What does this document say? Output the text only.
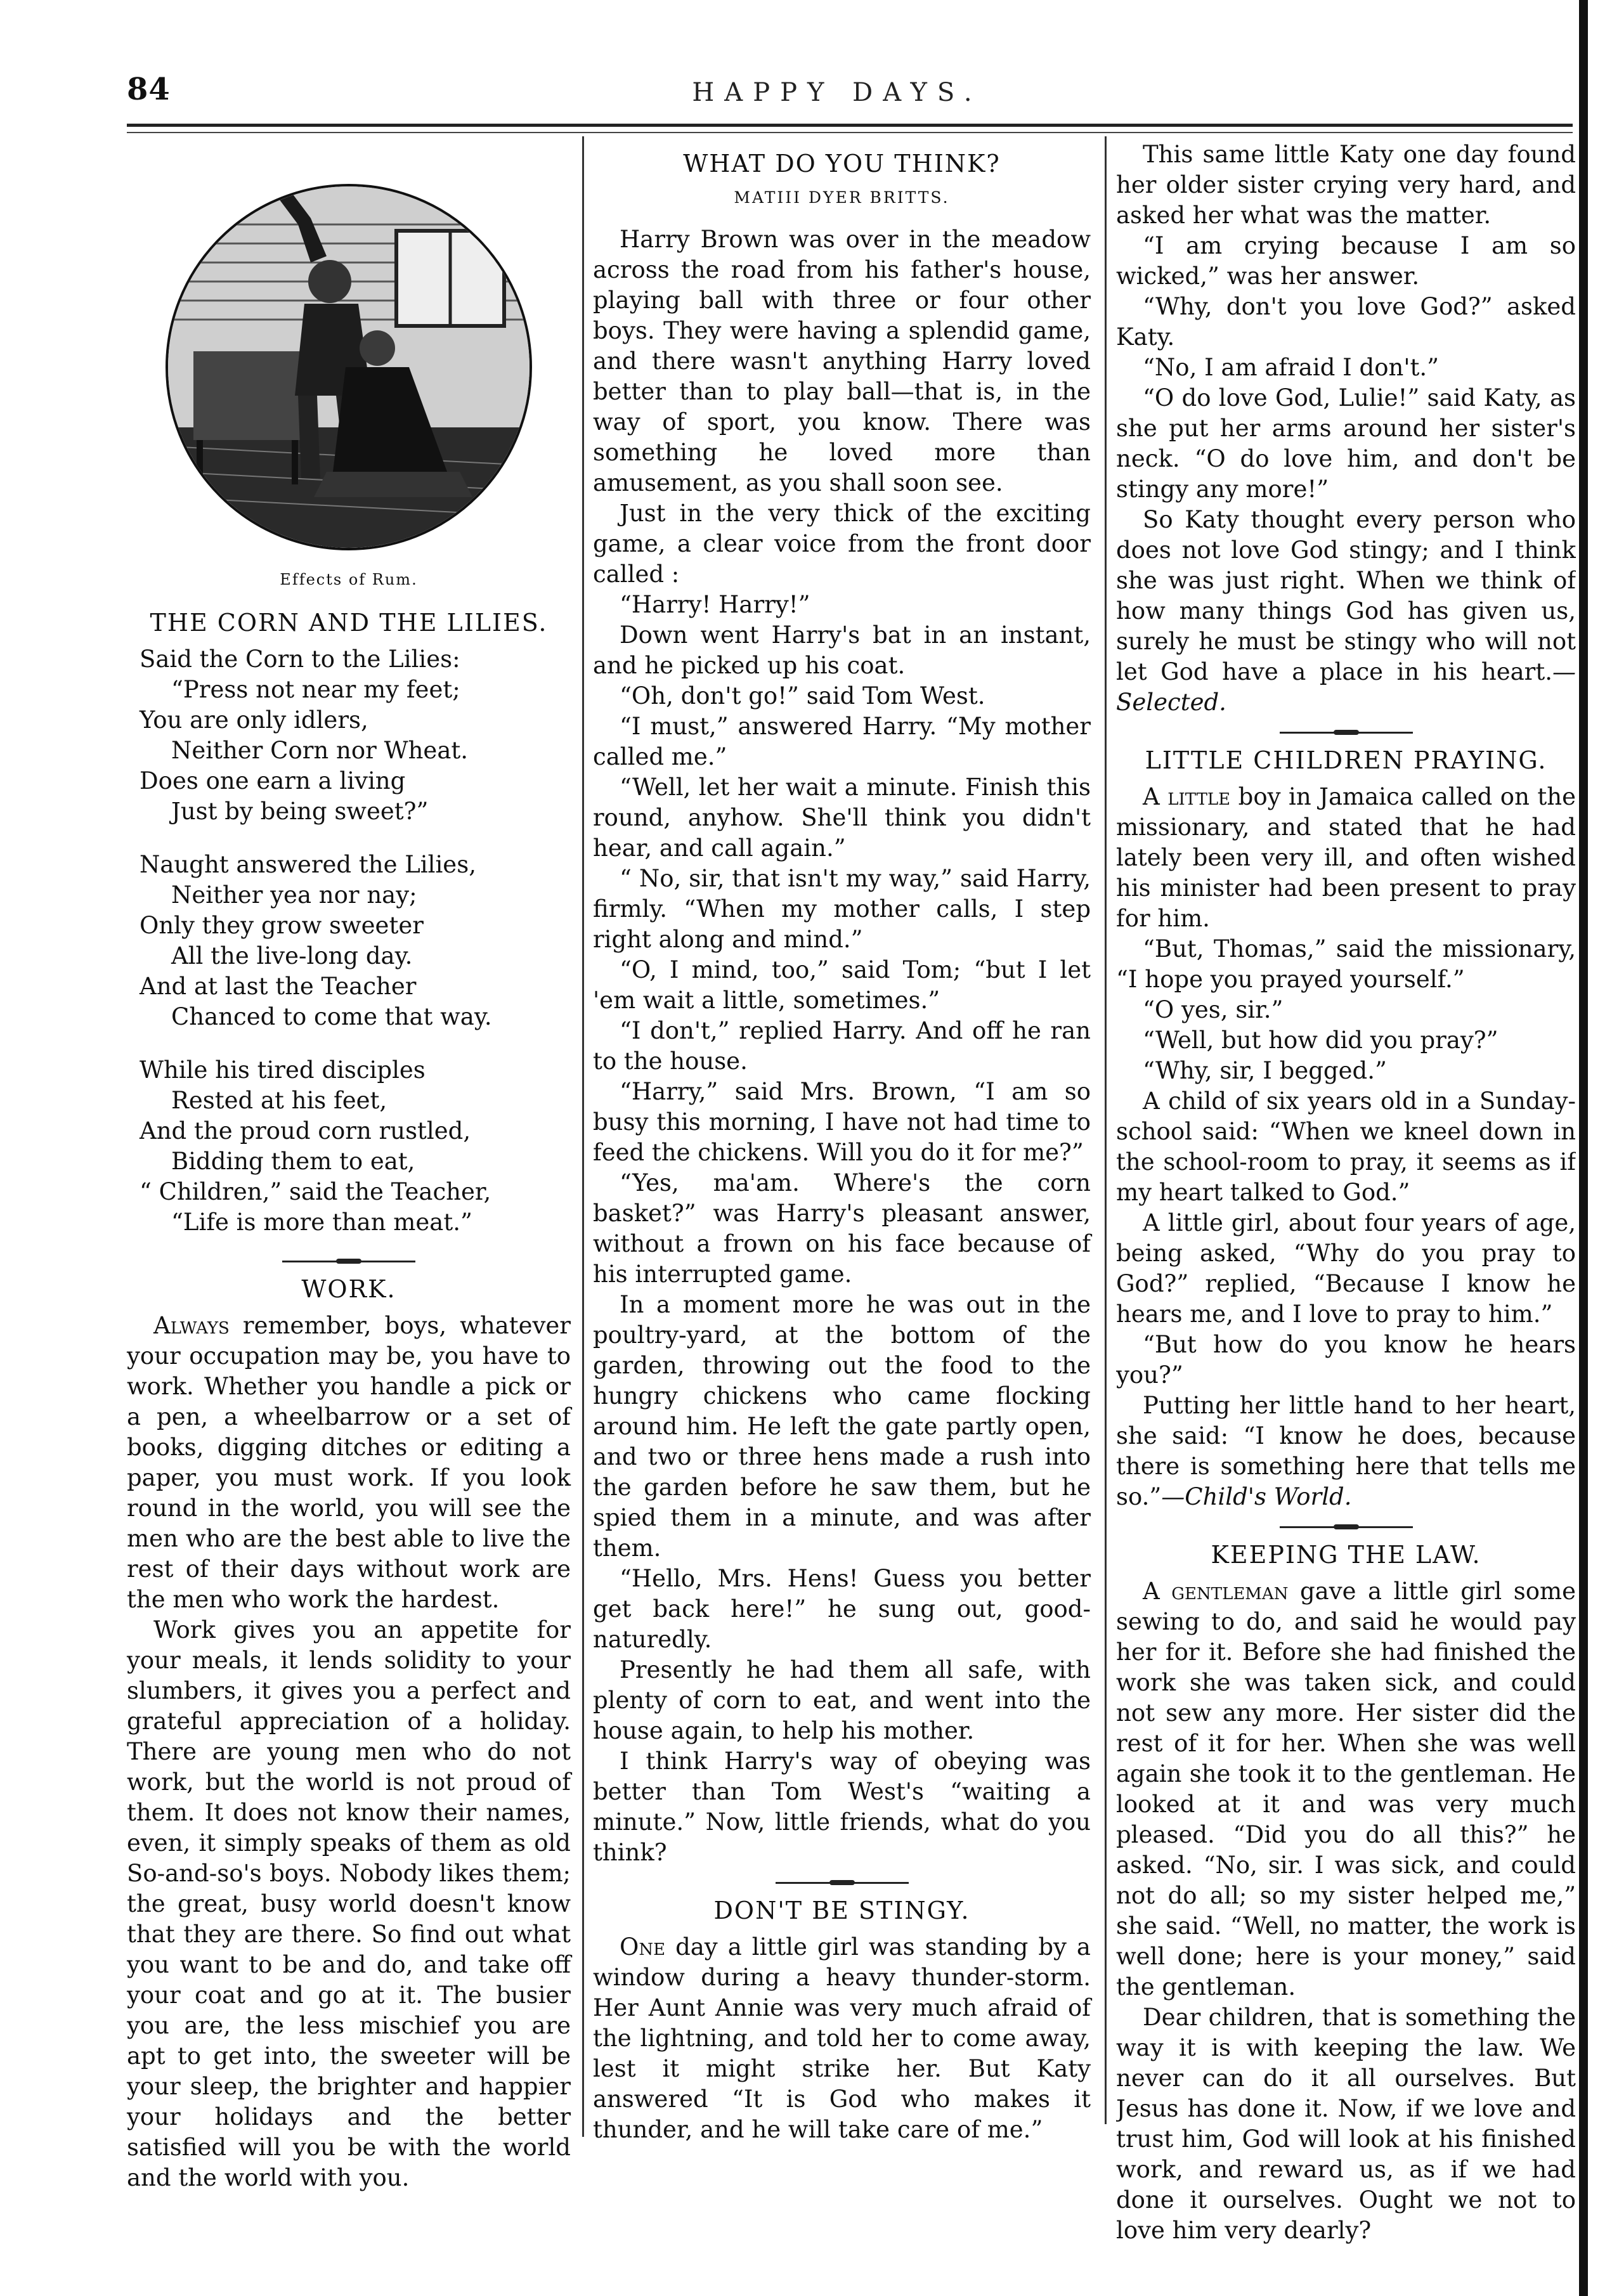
84	HAPPY DAYS.
Effects of Rum.
THE CORN AND THE LILIES.
Said the Corn to the Lilies:
“Press not near my feet;
You are only idlers,
Neither Corn nor Wheat.
Does one earn a living
Just by being sweet?”
Naught answered the Lilies,
Neither yea nor nay;
Only they grow sweeter
All the live-long day.
And at last the Teacher
Chanced to come that way.
While his tired disciples
Rested at his feet,
And the proud corn rustled,
Bidding them to eat,
“ Children,” said the Teacher,
“Life is more than meat.”
WORK.

Always remember, boys, whatever your occupation may be, you have to work. Whether you handle a pick or a pen, a wheelbarrow or a set of books, digging ditches or editing a paper, you must work. If you look round in the world, you will see the men who are the best able to live the rest of their days without work are the men who work the hardest.

Work gives you an appetite for your meals, it lends solidity to your slumbers, it gives you a perfect and grateful appreciation of a holiday. There are young men who do not work, but the world is not proud of them. It does not know their names, even, it simply speaks of them as old So-and-so's boys. Nobody likes them; the great, busy world doesn't know that they are there. So find out what you want to be and do, and take off your coat and go at it. The busier you are, the less mischief you are apt to get into, the sweeter will be your sleep, the brighter and happier your holidays and the better satisfied will you be with the world and the world with you.

WHAT DO YOU THINK?
MATIII DYER BRITTS.

Harry Brown was over in the meadow across the road from his father's house, playing ball with three or four other boys. They were having a splendid game, and there wasn't anything Harry loved better than to play ball—that is, in the way of sport, you know. There was something he loved more than amusement, as you shall soon see.

Just in the very thick of the exciting game, a clear voice from the front door called :

“Harry! Harry!”

Down went Harry's bat in an instant, and he picked up his coat.

“Oh, don't go!” said Tom West.

“I must,” answered Harry. “My mother called me.”

“Well, let her wait a minute. Finish this round, anyhow. She'll think you didn't hear, and call again.”

“ No, sir, that isn't my way,” said Harry, firmly. “When my mother calls, I step right along and mind.”

“O, I mind, too,” said Tom; “but I let 'em wait a little, sometimes.”

“I don't,” replied Harry. And off he ran to the house.

“Harry,” said Mrs. Brown, “I am so busy this morning, I have not had time to feed the chickens. Will you do it for me?”

“Yes, ma'am. Where's the corn basket?” was Harry's pleasant answer, without a frown on his face because of his interrupted game.

In a moment more he was out in the poultry-yard, at the bottom of the garden, throwing out the food to the hungry chickens who came flocking around him. He left the gate partly open, and two or three hens made a rush into the garden before he saw them, but he spied them in a minute, and was after them.

“Hello, Mrs. Hens! Guess you better get back here!” he sung out, good-naturedly.

Presently he had them all safe, with plenty of corn to eat, and went into the house again, to help his mother.

I think Harry's way of obeying was better than Tom West's “waiting a minute.” Now, little friends, what do you think?

DON'T BE STINGY.

One day a little girl was standing by a window during a heavy thunder-storm. Her Aunt Annie was very much afraid of the lightning, and told her to come away, lest it might strike her. But Katy answered “It is God who makes it thunder, and he will take care of me.”

This same little Katy one day found her older sister crying very hard, and asked her what was the matter.

“I am crying because I am so wicked,” was her answer.

“Why, don't you love God?” asked Katy.

“No, I am afraid I don't.”

“O do love God, Lulie!” said Katy, as she put her arms around her sister's neck. “O do love him, and don't be stingy any more!”

So Katy thought every person who does not love God stingy; and I think she was just right. When we think of how many things God has given us, surely he must be stingy who will not let God have a place in his heart.—Selected.

LITTLE CHILDREN PRAYING.

A little boy in Jamaica called on the missionary, and stated that he had lately been very ill, and often wished his minister had been present to pray for him.

“But, Thomas,” said the missionary, “I hope you prayed yourself.”

“O yes, sir.”

“Well, but how did you pray?”

“Why, sir, I begged.”

A child of six years old in a Sunday-school said: “When we kneel down in the school-room to pray, it seems as if my heart talked to God.”

A little girl, about four years of age, being asked, “Why do you pray to God?” replied, “Because I know he hears me, and I love to pray to him.”

“But how do you know he hears you?”

Putting her little hand to her heart, she said: “I know he does, because there is something here that tells me so.”—Child's World.

KEEPING THE LAW.

A gentleman gave a little girl some sewing to do, and said he would pay her for it. Before she had finished the work she was taken sick, and could not sew any more. Her sister did the rest of it for her. When she was well again she took it to the gentleman. He looked at it and was very much pleased. “Did you do all this?” he asked. “No, sir. I was sick, and could not do all; so my sister helped me,” she said. “Well, no matter, the work is well done; here is your money,” said the gentleman.

Dear children, that is something the way it is with keeping the law. We never can do it all ourselves. But Jesus has done it. Now, if we love and trust him, God will look at his finished work, and reward us, as if we had done it ourselves. Ought we not to love him very dearly?
